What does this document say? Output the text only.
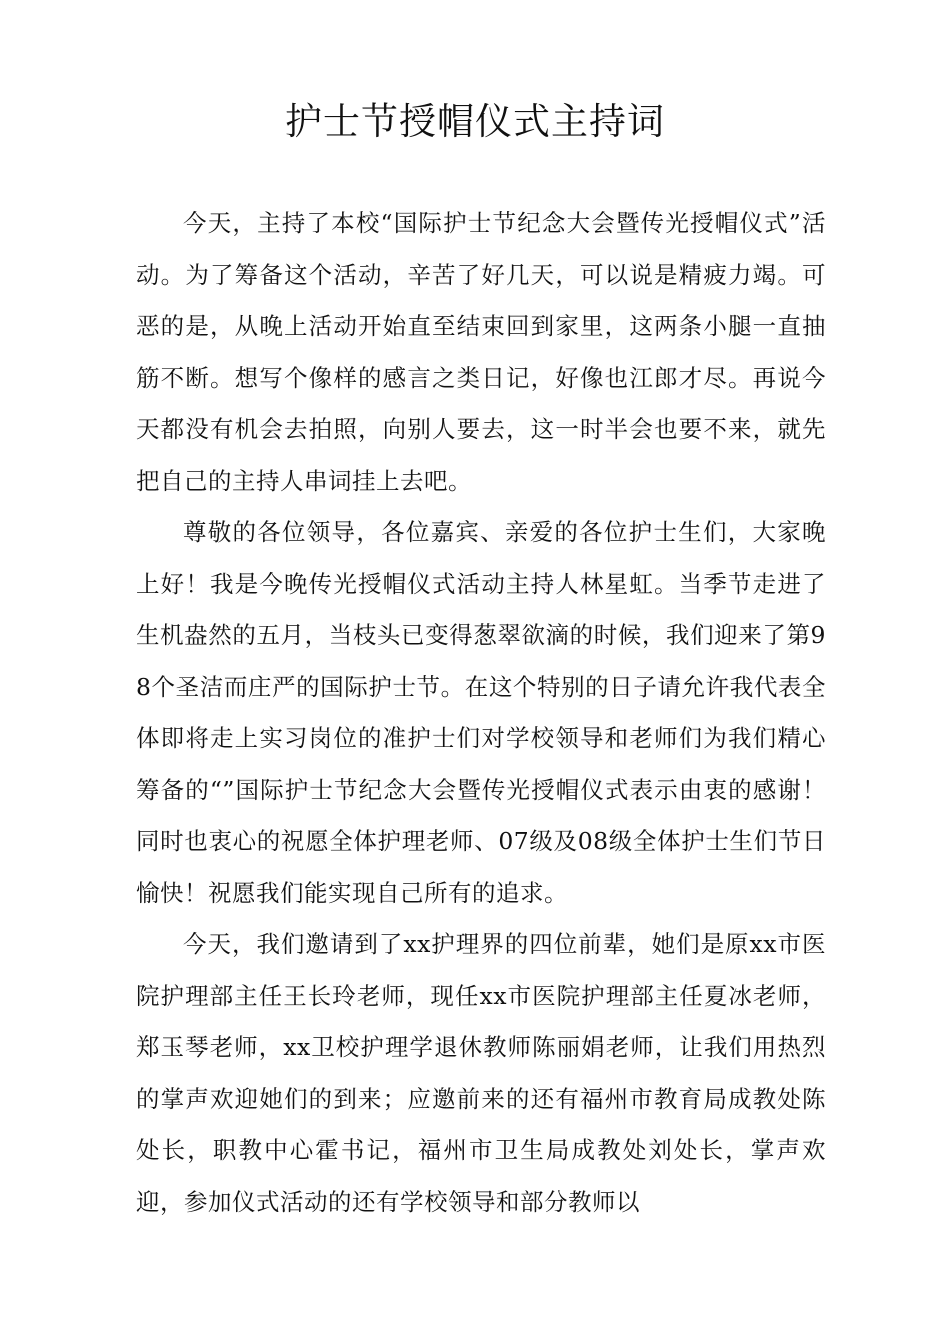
护士节授帽仪式主持词

今天，主持了本校“国际护士节纪念大会暨传光授帽仪式”活动。为了筹备这个活动，辛苦了好几天，可以说是精疲力竭。可恶的是，从晚上活动开始直至结束回到家里，这两条小腿一直抽筋不断。想写个像样的感言之类日记，好像也江郎才尽。再说今天都没有机会去拍照，向别人要去，这一时半会也要不来，就先把自己的主持人串词挂上去吧。

尊敬的各位领导，各位嘉宾、亲爱的各位护士生们，大家晚上好！我是今晚传光授帽仪式活动主持人林星虹。当季节走进了生机盎然的五月，当枝头已变得葱翠欲滴的时候，我们迎来了第98个圣洁而庄严的国际护士节。在这个特别的日子请允许我代表全体即将走上实习岗位的准护士们对学校领导和老师们为我们精心筹备的“”国际护士节纪念大会暨传光授帽仪式表示由衷的感谢！同时也衷心的祝愿全体护理老师、07级及08级全体护士生们节日愉快！祝愿我们能实现自己所有的追求。

今天，我们邀请到了xx护理界的四位前辈，她们是原xx市医院护理部主任王长玲老师，现任xx市医院护理部主任夏冰老师，郑玉琴老师，xx卫校护理学退休教师陈丽娟老师，让我们用热烈的掌声欢迎她们的到来；应邀前来的还有福州市教育局成教处陈处长，职教中心霍书记，福州市卫生局成教处刘处长，掌声欢迎，参加仪式活动的还有学校领导和部分教师以
